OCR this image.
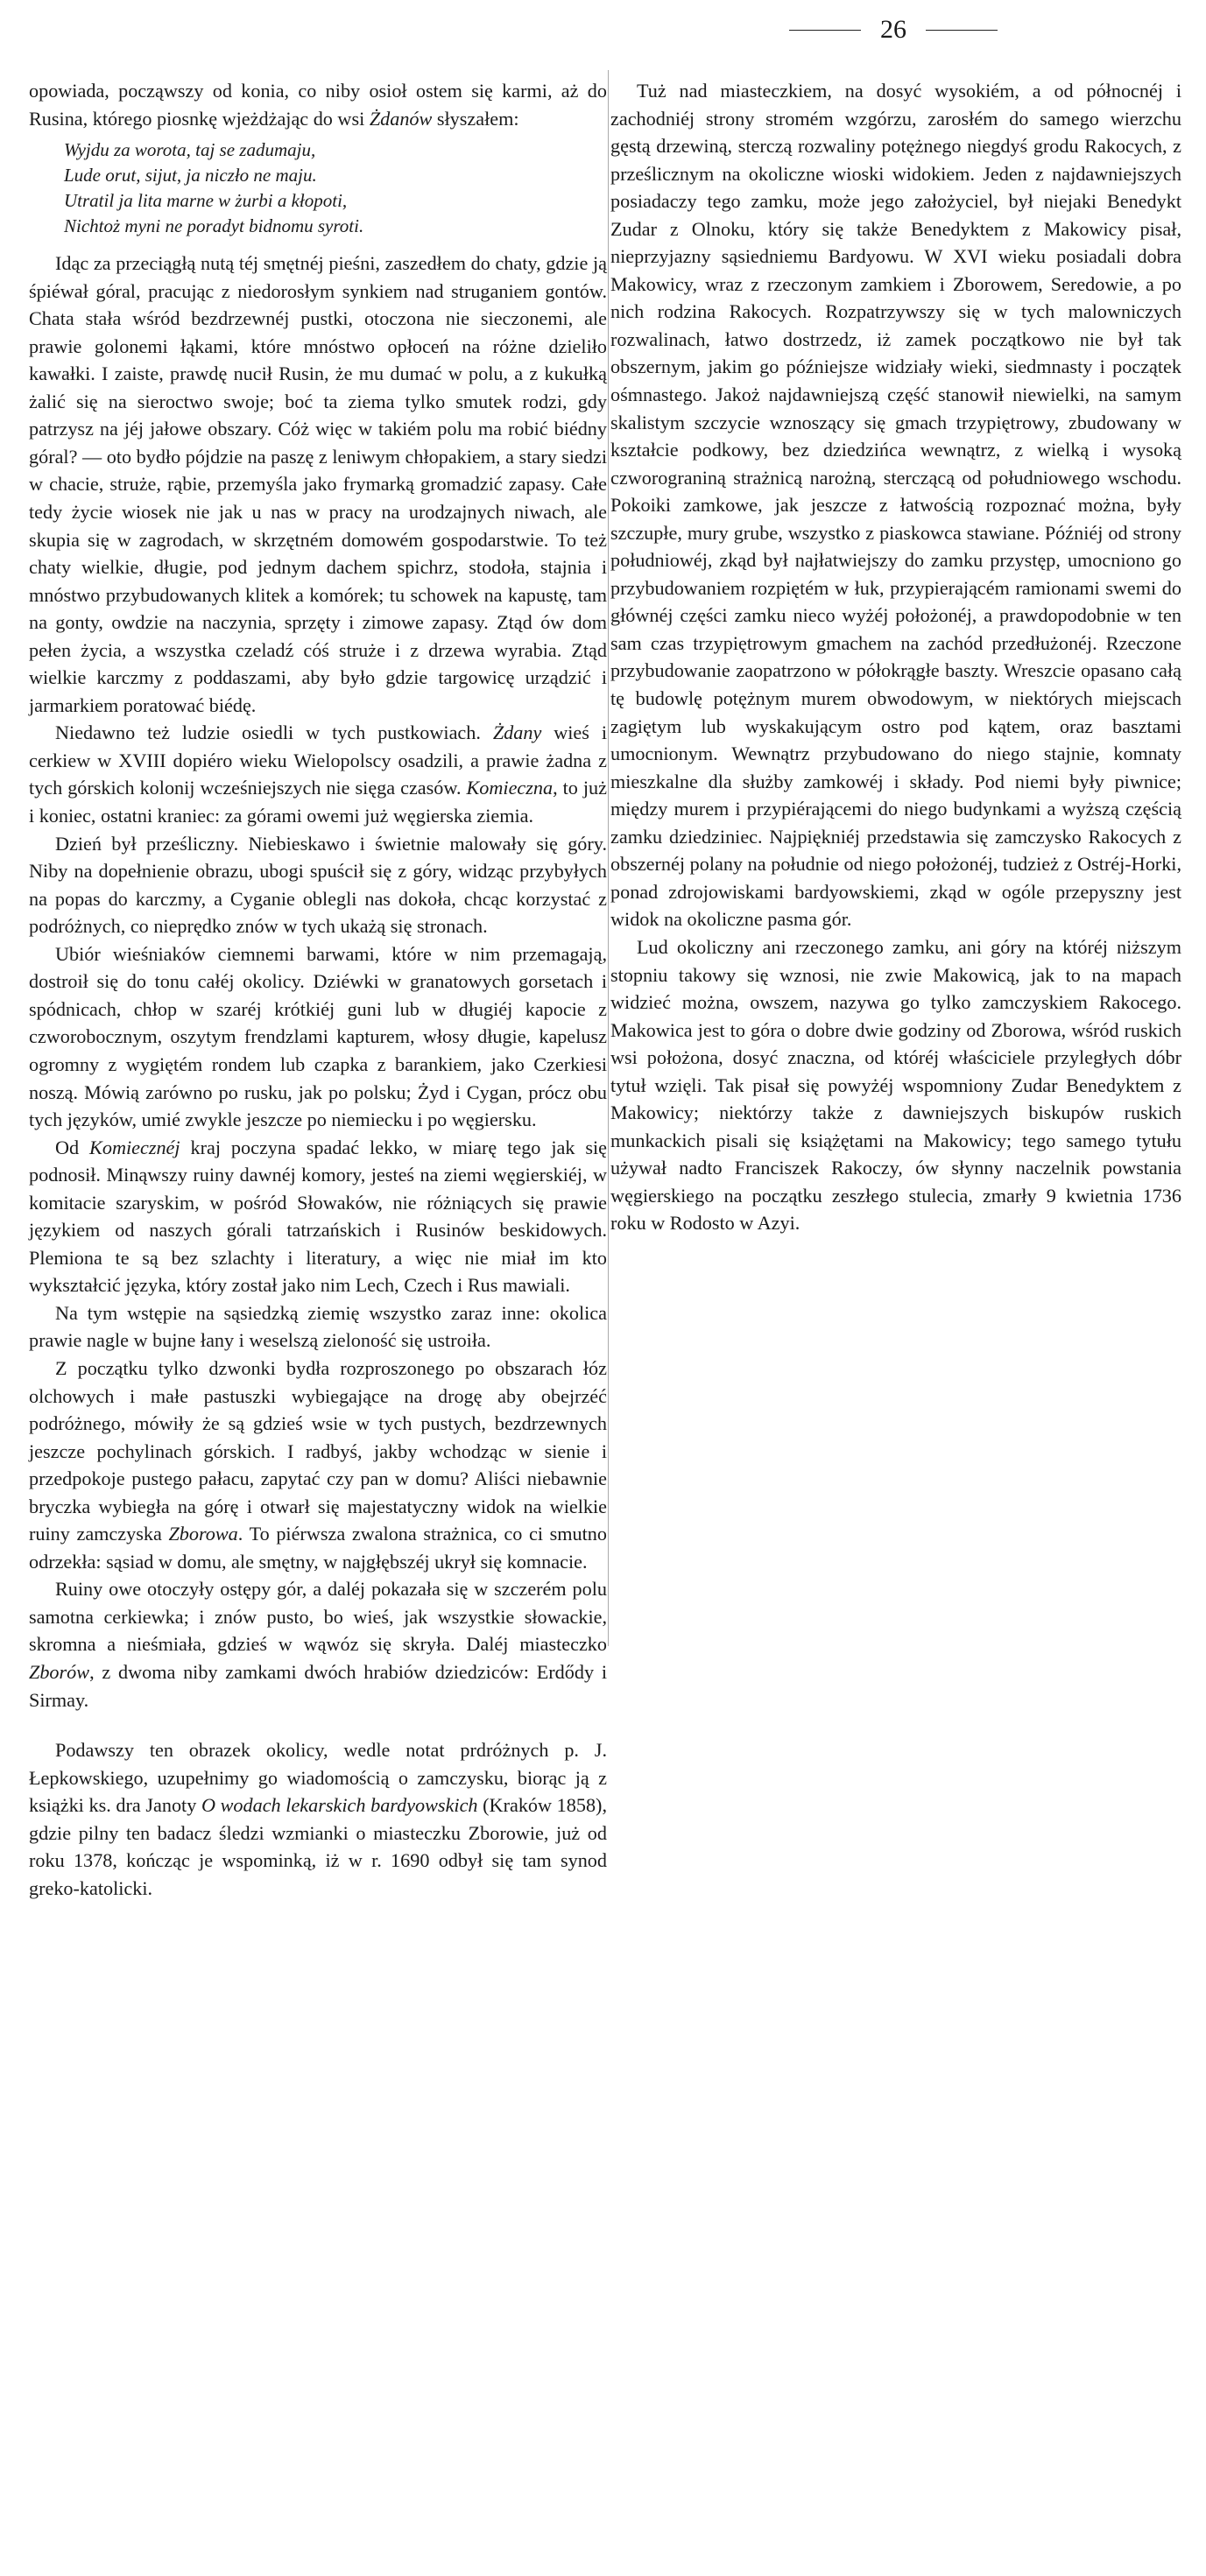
26

opowiada, począwszy od konia, co niby osioł ostem się karmi, aż do Rusina, którego piosnkę wjeżdżając do wsi Żdanów słyszałem:

Wyjdu za worota, taj se zadumaju,
Lude orut, sijut, ja niczło ne maju.
Utratil ja lita marne w żurbi a kłopoti,
Nichtoż myni ne poradyt bidnomu syroti.

Idąc za przeciągłą nutą téj smętnéj pieśni, zaszedłem do chaty, gdzie ją śpiéwał góral, pracując z niedorosłym synkiem nad struganiem gontów. Chata stała wśród bezdrzewnéj pustki, otoczona nie sieczonemi, ale prawie golonemi łąkami, które mnóstwo opłoceń na różne dzieliło kawałki. I zaiste, prawdę nucił Rusin, że mu dumać w polu, a z kukułką żalić się na sieroctwo swoje; boć ta ziema tylko smutek rodzi, gdy patrzysz na jéj jałowe obszary. Cóż więc w takiém polu ma robić biédny góral? — oto bydło pójdzie na paszę z leniwym chłopakiem, a stary siedzi w chacie, struże, rąbie, przemyśla jako frymarką gromadzić zapasy. Całe tedy życie wiosek nie jak u nas w pracy na urodzajnych niwach, ale skupia się w zagrodach, w skrzętném domowém gospodarstwie. To też chaty wielkie, długie, pod jednym dachem spichrz, stodoła, stajnia i mnóstwo przybudowanych klitek a komórek; tu schowek na kapustę, tam na gonty, owdzie na naczynia, sprzęty i zimowe zapasy. Ztąd ów dom pełen życia, a wszystka czeladź cóś struże i z drzewa wyrabia. Ztąd wielkie karczmy z poddaszami, aby było gdzie targowicę urządzić i jarmarkiem poratować biédę.

Niedawno też ludzie osiedli w tych pustkowiach. Żdany wieś i cerkiew w XVIII dopiéro wieku Wielopolscy osadzili, a prawie żadna z tych górskich kolonij wcześniejszych nie sięga czasów. Komieczna, to już i koniec, ostatni kraniec: za górami owemi już węgierska ziemia.

Dzień był prześliczny. Niebieskawo i świetnie malowały się góry. Niby na dopełnienie obrazu, ubogi spuścił się z góry, widząc przybyłych na popas do karczmy, a Cyganie oblegli nas dokoła, chcąc korzystać z podróżnych, co nieprędko znów w tych ukażą się stronach.

Ubiór wieśniaków ciemnemi barwami, które w nim przemagają, dostroił się do tonu całéj okolicy. Dziéwki w granatowych gorsetach i spódnicach, chłop w szaréj krótkiéj guni lub w długiéj kapocie z czworobocznym, oszytym frendzlami kapturem, włosy długie, kapelusz ogromny z wygiętém rondem lub czapka z barankiem, jako Czerkiesi noszą. Mówią zarówno po rusku, jak po polsku; Żyd i Cygan, prócz obu tych języków, umié zwykle jeszcze po niemiecku i po węgiersku.

Od Komiecznéj kraj poczyna spadać lekko, w miarę tego jak się podnosił. Minąwszy ruiny dawnéj komory, jesteś na ziemi węgierskiéj, w komitacie szaryskim, w pośród Słowaków, nie różniących się prawie językiem od naszych górali tatrzańskich i Rusinów beskidowych. Plemiona te są bez szlachty i literatury, a więc nie miał im kto wykształcić języka, który został jako nim Lech, Czech i Rus mawiali.

Na tym wstępie na sąsiedzką ziemię wszystko zaraz inne: okolica prawie nagle w bujne łany i weselszą zieloność się ustroiła.

Z początku tylko dzwonki bydła rozproszonego po obszarach łóz olchowych i małe pastuszki wybiegające na drogę aby obejrzéć podróżnego, mówiły że są gdzieś wsie w tych pustych, bezdrzewnych jeszcze pochylinach górskich. I radbyś, jakby wchodząc w sienie i przedpokoje pustego pałacu, zapytać czy pan w domu? Aliści niebawnie bryczka wybiegła na górę i otwarł się majestatyczny widok na wielkie ruiny zamczyska Zborowa. To piérwsza zwalona strażnica, co ci smutno odrzekła: sąsiad w domu, ale smętny, w najgłębszéj ukrył się komnacie.

Ruiny owe otoczyły ostępy gór, a daléj pokazała się w szczerém polu samotna cerkiewka; i znów pusto, bo wieś, jak wszystkie słowackie, skromna a nieśmiała, gdzieś w wąwóz się skryła. Daléj miasteczko Zborów, z dwoma niby zamkami dwóch hrabiów dziedziców: Erdődy i Sirmay.

Podawszy ten obrazek okolicy, wedle notat prdróżnych p. J. Łepkowskiego, uzupełnimy go wiadomością o zamczysku, biorąc ją z książki ks. dra Janoty O wodach lekarskich bardyowskich (Kraków 1858), gdzie pilny ten badacz śledzi wzmianki o miasteczku Zborowie, już od roku 1378, kończąc je wspominką, iż w r. 1690 odbył się tam synod greko-katolicki.

Tuż nad miasteczkiem, na dosyć wysokiém, a od północnéj i zachodniéj strony stromém wzgórzu, zarosłém do samego wierzchu gęstą drzewiną, sterczą rozwaliny potężnego niegdyś grodu Rakocych, z prześlicznym na okoliczne wioski widokiem. Jeden z najdawniejszych posiadaczy tego zamku, może jego założyciel, był niejaki Benedykt Zudar z Olnoku, który się także Benedyktem z Makowicy pisał, nieprzyjazny sąsiedniemu Bardyowu. W XVI wieku posiadali dobra Makowicy, wraz z rzeczonym zamkiem i Zborowem, Seredowie, a po nich rodzina Rakocych. Rozpatrzywszy się w tych malowniczych rozwalinach, łatwo dostrzedz, iż zamek początkowo nie był tak obszernym, jakim go późniejsze widziały wieki, siedmnasty i początek ośmnastego. Jakoż najdawniejszą część stanowił niewielki, na samym skalistym szczycie wznoszący się gmach trzypiętrowy, zbudowany w kształcie podkowy, bez dziedzińca wewnątrz, z wielką i wysoką czworograniną strażnicą narożną, sterczącą od południowego wschodu. Pokoiki zamkowe, jak jeszcze z łatwością rozpoznać można, były szczupłe, mury grube, wszystko z piaskowca stawiane. Późniéj od strony południowéj, zkąd był najłatwiejszy do zamku przystęp, umocniono go przybudowaniem rozpiętém w łuk, przypierającém ramionami swemi do głównéj części zamku nieco wyżéj położonéj, a prawdopodobnie w ten sam czas trzypiętrowym gmachem na zachód przedłużonéj. Rzeczone przybudowanie zaopatrzono w półokrągłe baszty. Wreszcie opasano całą tę budowlę potężnym murem obwodowym, w niektórych miejscach zagiętym lub wyskakującym ostro pod kątem, oraz basztami umocnionym. Wewnątrz przybudowano do niego stajnie, komnaty mieszkalne dla służby zamkowéj i składy. Pod niemi były piwnice; między murem i przypiérającemi do niego budynkami a wyższą częścią zamku dziedziniec. Najpiękniéj przedstawia się zamczysko Rakocych z obszernéj polany na południe od niego położonéj, tudzież z Ostréj-Horki, ponad zdrojowiskami bardyowskiemi, zkąd w ogóle przepyszny jest widok na okoliczne pasma gór.

Lud okoliczny ani rzeczonego zamku, ani góry na któréj niższym stopniu takowy się wznosi, nie zwie Makowicą, jak to na mapach widzieć można, owszem, nazywa go tylko zamczyskiem Rakocego. Makowica jest to góra o dobre dwie godziny od Zborowa, wśród ruskich wsi położona, dosyć znaczna, od któréj właściciele przyległych dóbr tytuł wzięli. Tak pisał się powyżéj wspomniony Zudar Benedyktem z Makowicy; niektórzy także z dawniejszych biskupów ruskich munkackich pisali się książętami na Makowicy; tego samego tytułu używał nadto Franciszek Rakoczy, ów słynny naczelnik powstania węgierskiego na początku zeszłego stulecia, zmarły 9 kwietnia 1736 roku w Rodosto w Azyi.
